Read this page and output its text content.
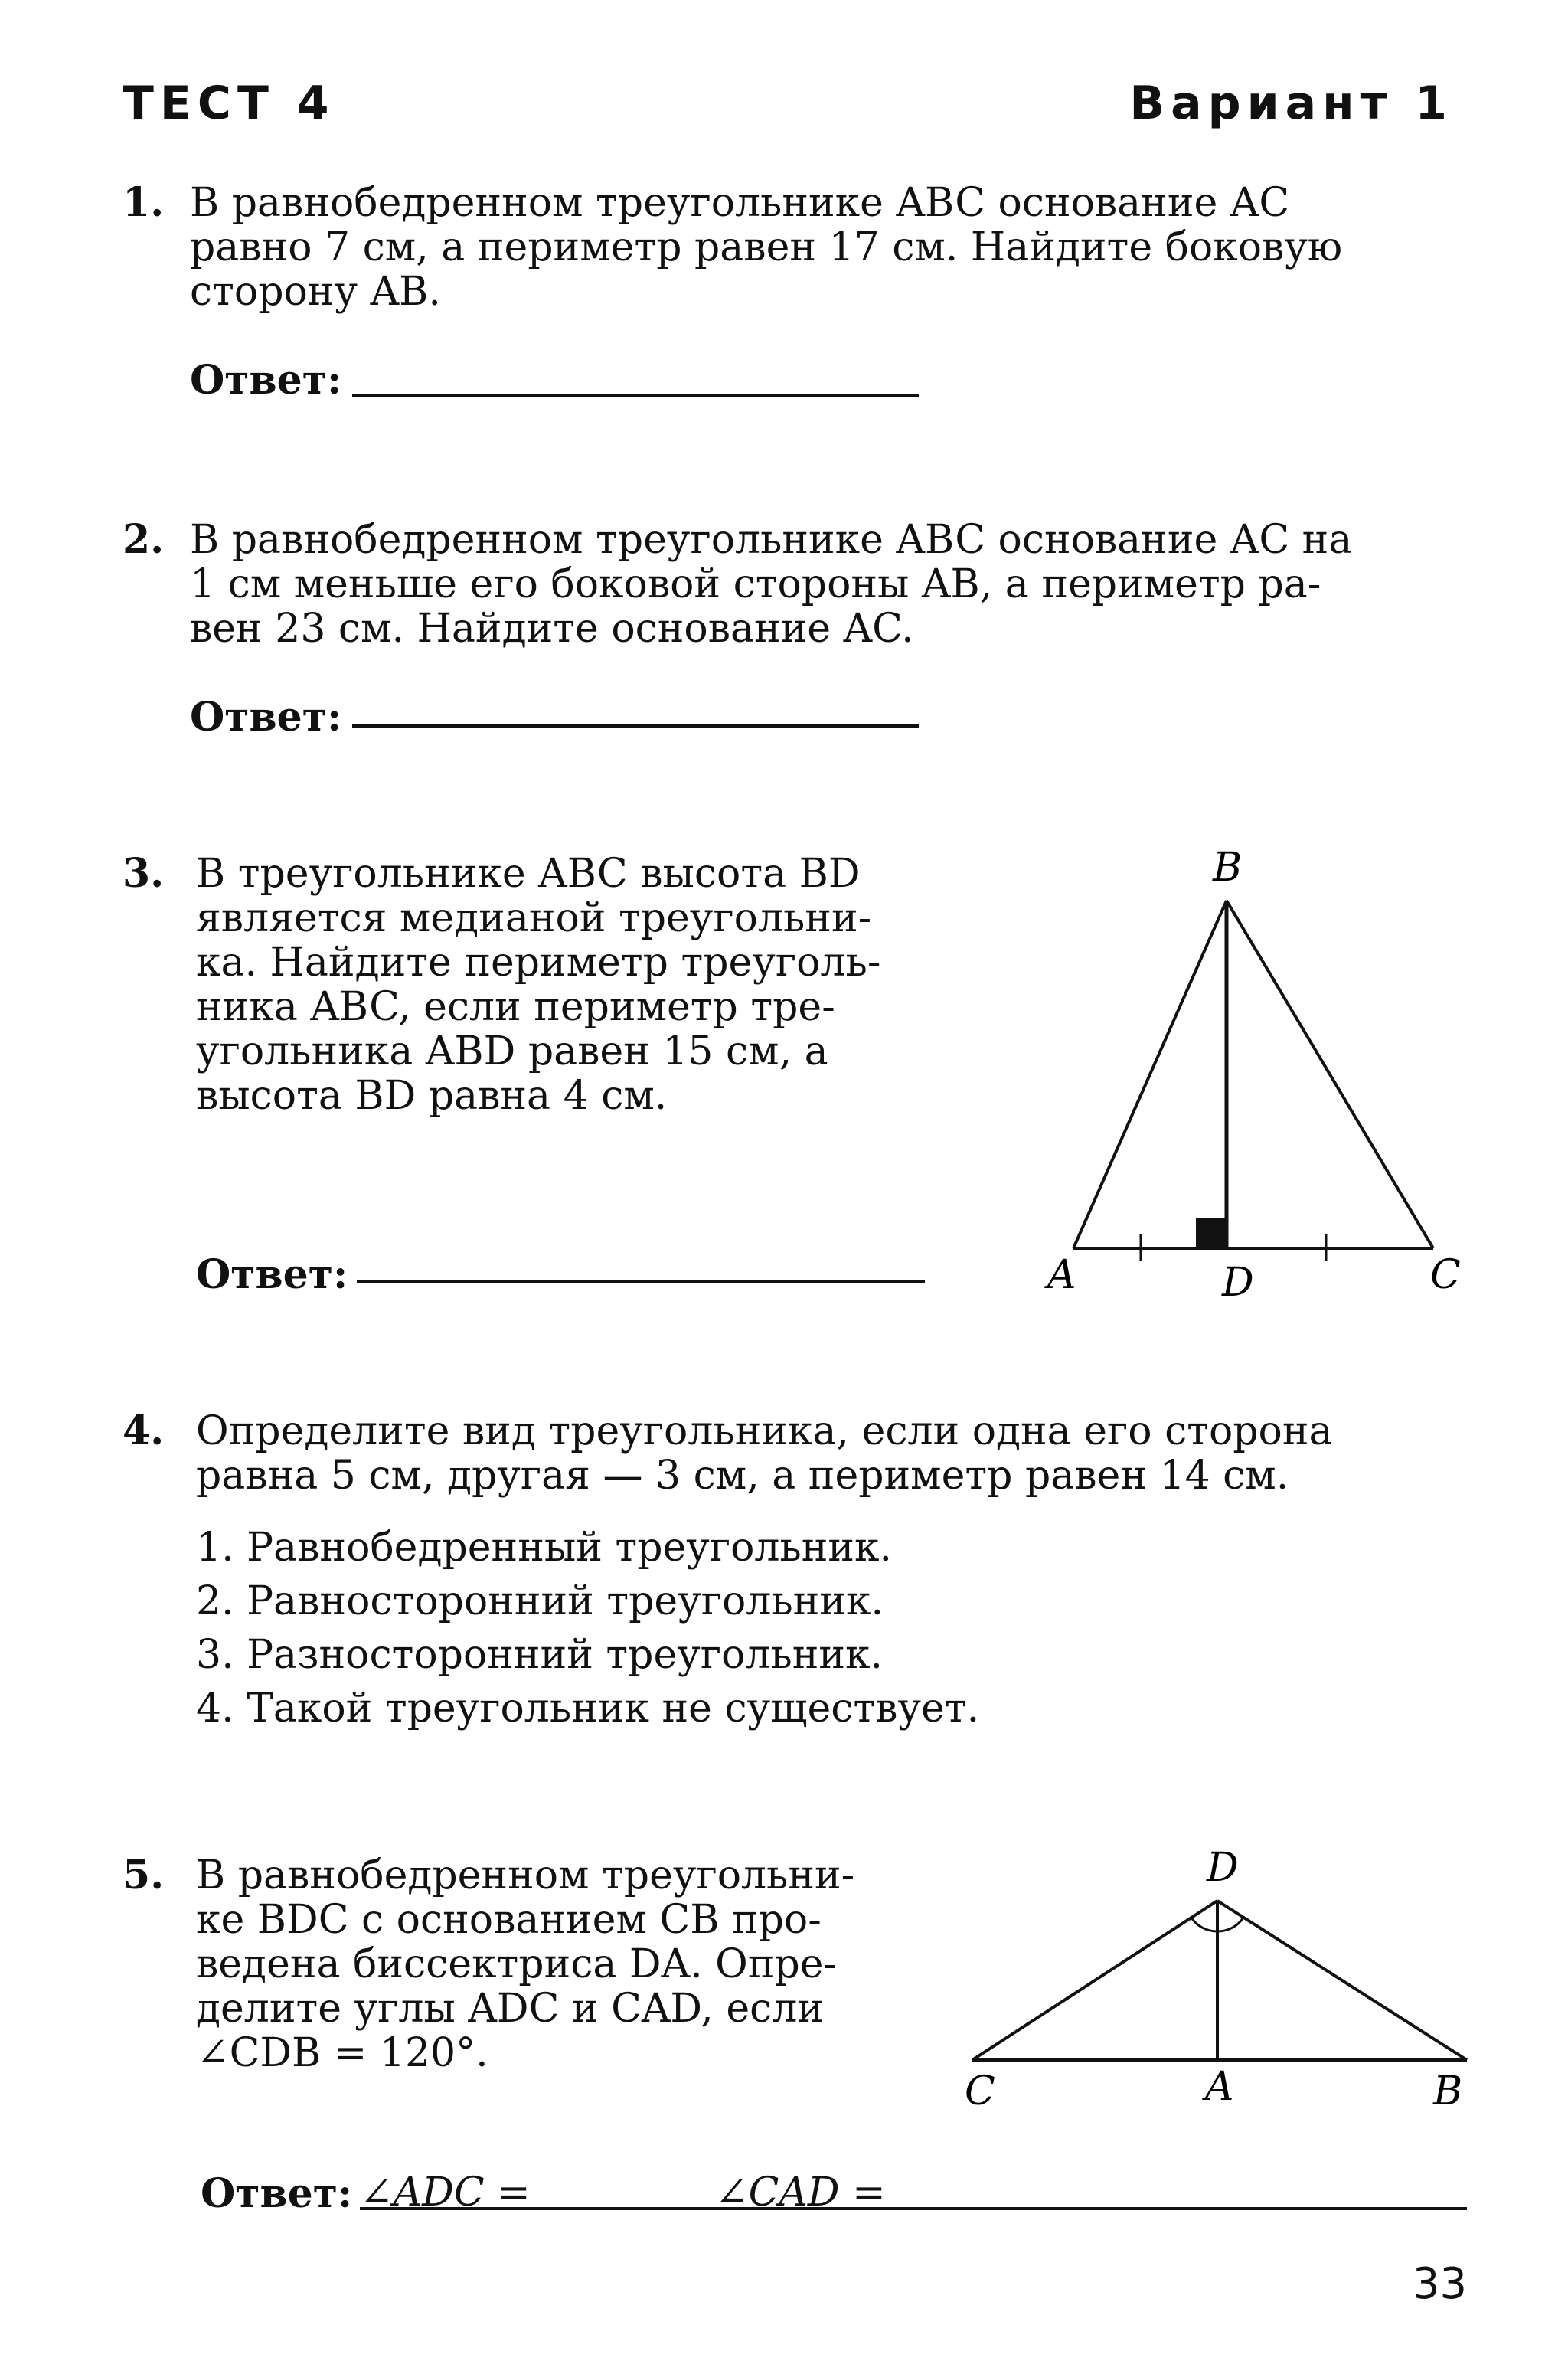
ТЕСТ 4	Вариант 1
1. В равнобедренном треугольнике ABC основание AC
равно 7 см, а периметр равен 17 см. Найдите боковую
сторону AB.
Ответ:
2. В равнобедренном треугольнике ABC основание AC на
1 см меньше его боковой стороны AB, а периметр ра-
вен 23 см. Найдите основание AC.
Ответ:
3. В треугольнике ABC высота BD
является медианой треугольни-
ка. Найдите периметр треуголь-
ника ABC, если периметр тре-
угольника ABD равен 15 см, а
высота BD равна 4 см.
Ответ:
B
A	D	C
4. Определите вид треугольника, если одна его сторона
равна 5 см, другая — 3 см, а периметр равен 14 см.
1. Равнобедренный треугольник.
2. Равносторонний треугольник.
3. Разносторонний треугольник.
4. Такой треугольник не существует.
5. В равнобедренном треугольни-
ке BDC с основанием CB про-
ведена биссектриса DA. Опре-
делите углы ADC и CAD, если
∠CDB = 120°.
D
C	A	B
Ответ: ∠ADC =	∠CAD =
33
